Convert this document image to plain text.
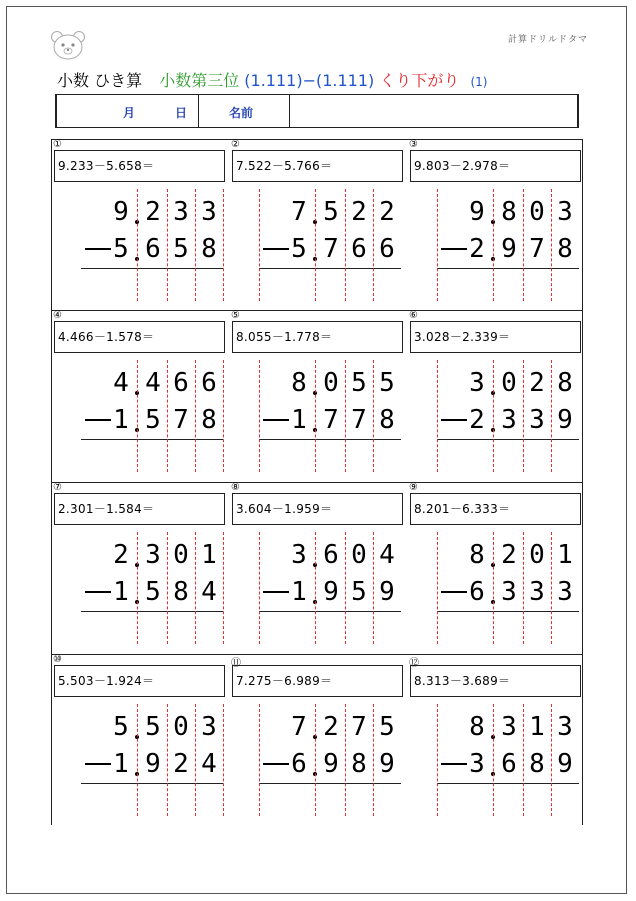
計算ドリルドタマ
小数 ひき算 小数第三位 (1.111)−(1.111) くり下がり (1)
月	日	名前
①
9.233－5.658＝
9 2 3 3
5 6 5 8
②
7.522－5.766＝
7 5 2 2
5 7 6 6
③
9.803－2.978＝
9 8 0 3
2 9 7 8
④
4.466－1.578＝
4 4 6 6
1 5 7 8
⑤
8.055－1.778＝
8 0 5 5
1 7 7 8
⑥
3.028－2.339＝
3 0 2 8
2 3 3 9
⑦
2.301－1.584＝
2 3 0 1
1 5 8 4
⑧
3.604－1.959＝
3 6 0 4
1 9 5 9
⑨
8.201－6.333＝
8 2 0 1
6 3 3 3
⑩
5.503－1.924＝
5 5 0 3
1 9 2 4
⑪
7.275－6.989＝
7 2 7 5
6 9 8 9
⑫
8.313－3.689＝
8 3 1 3
3 6 8 9
